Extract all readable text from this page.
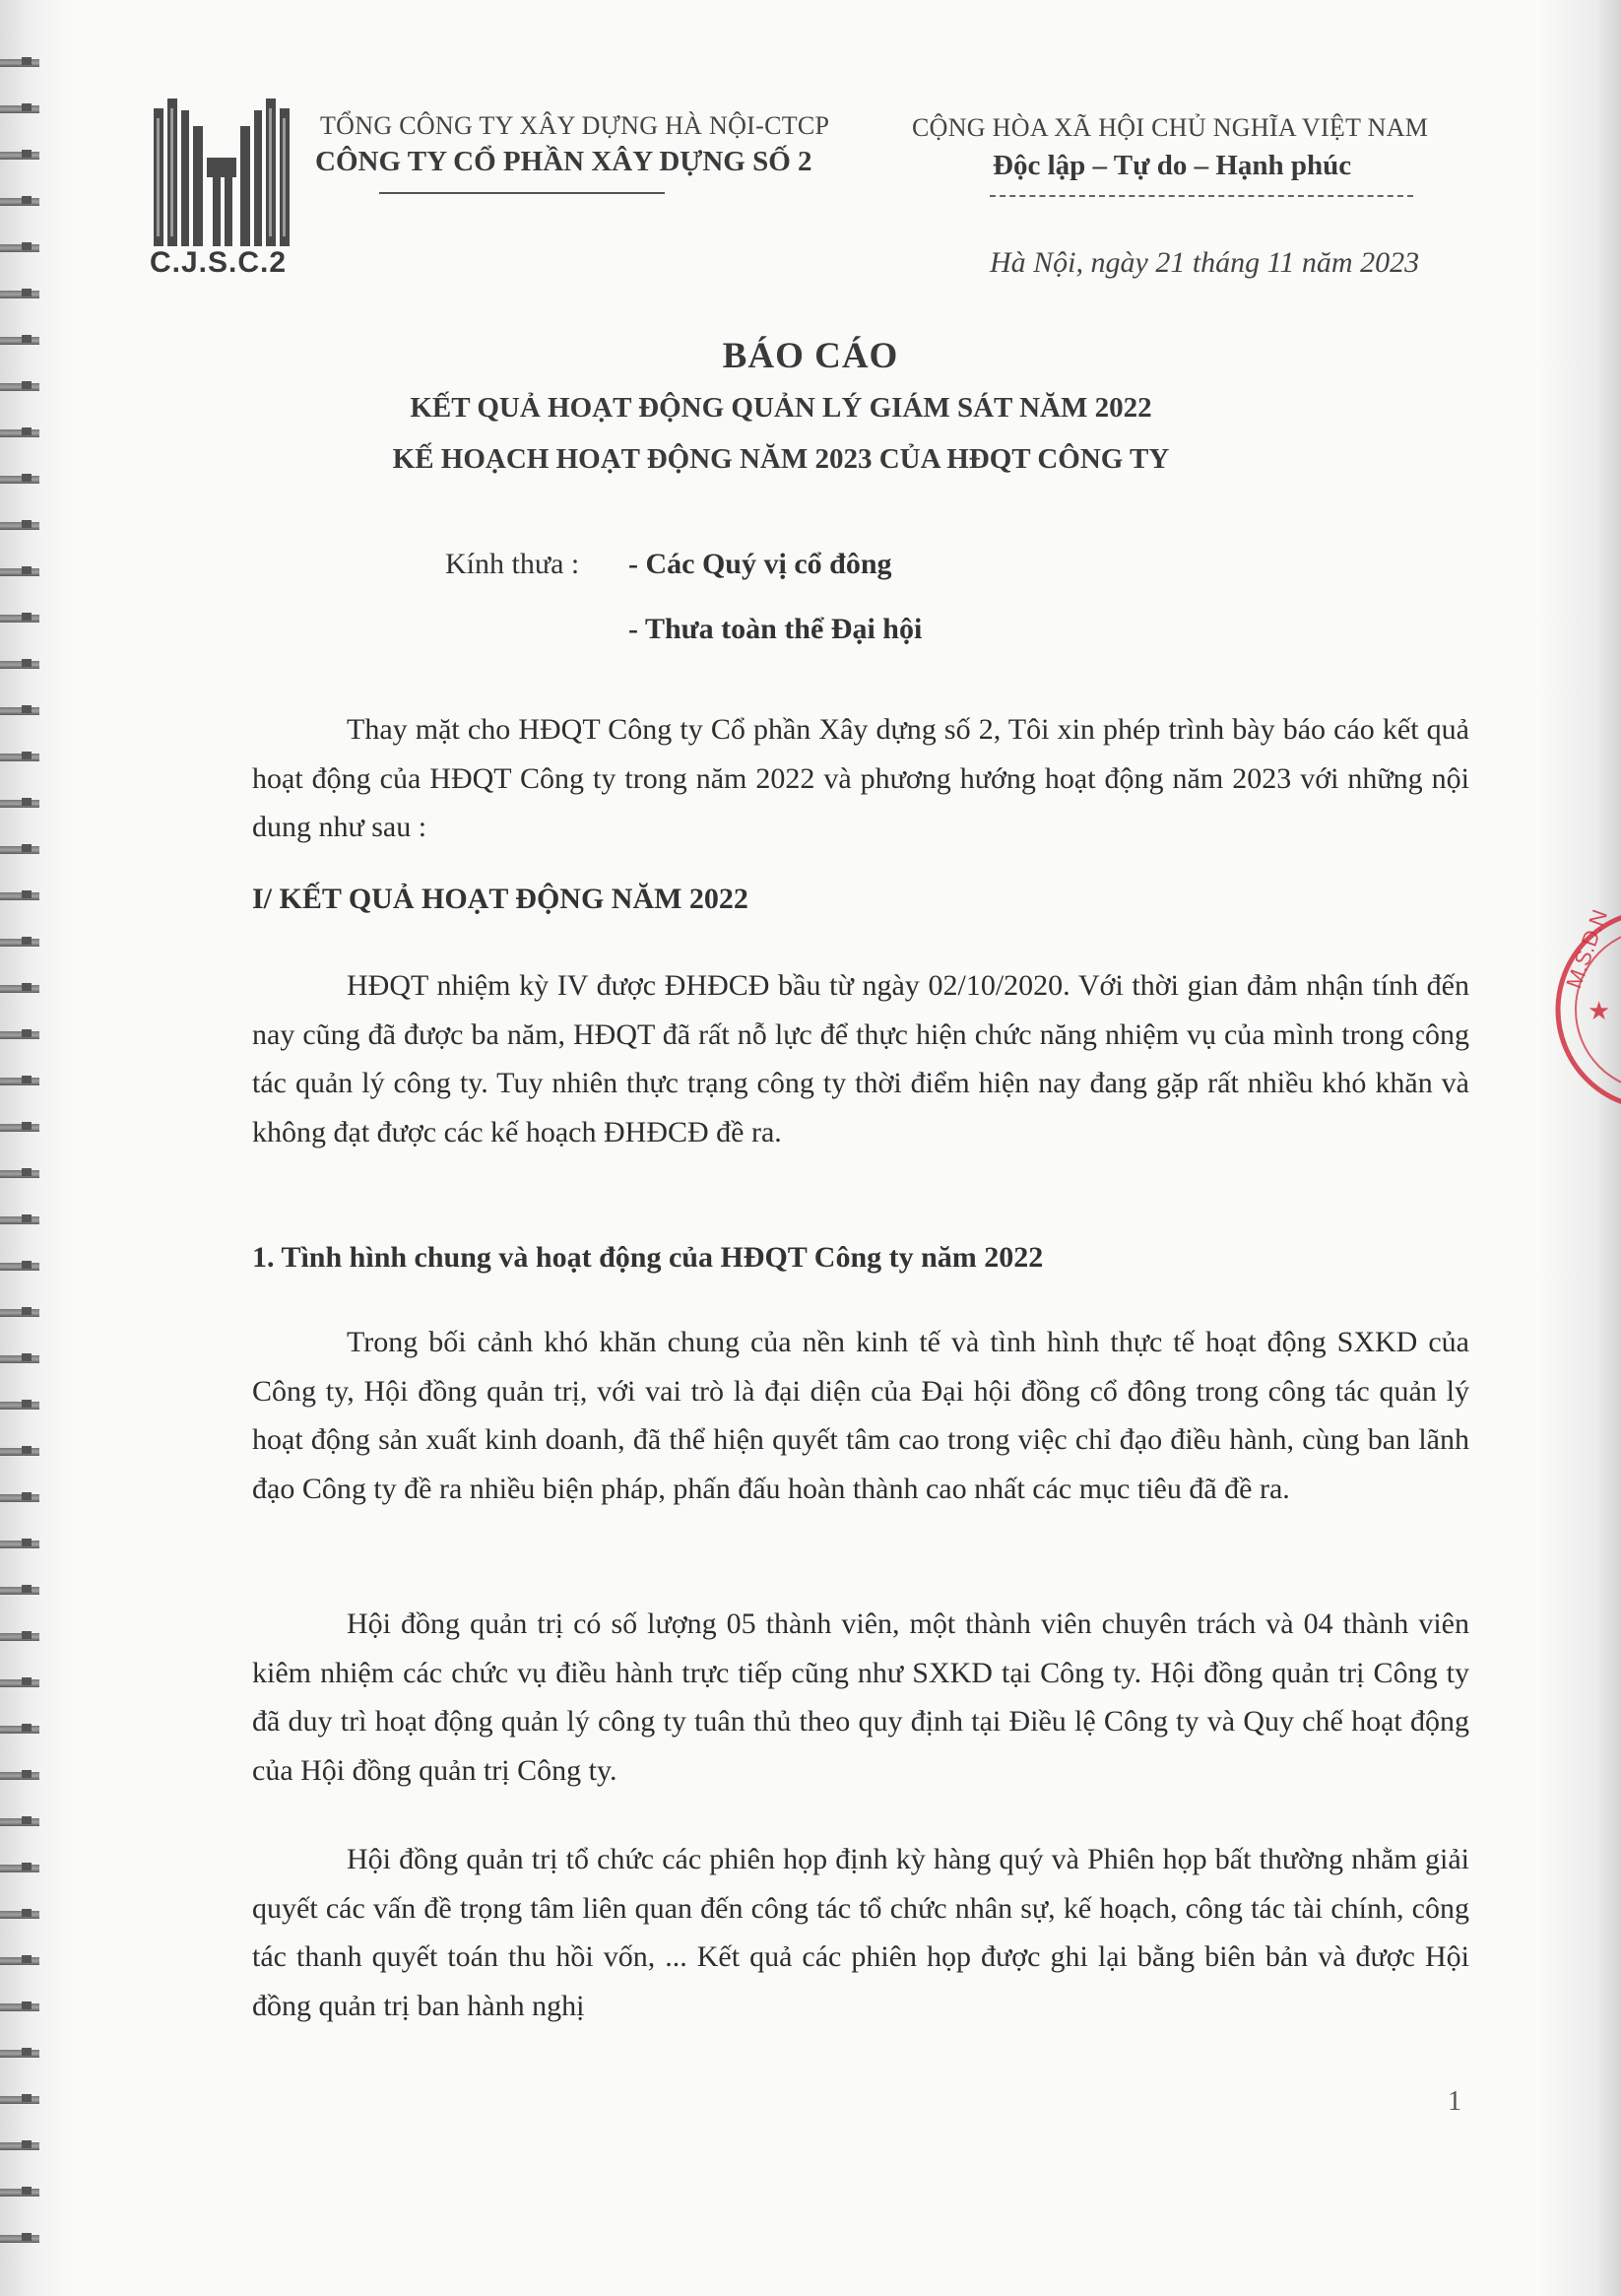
C.J.S.C.2
TỔNG CÔNG TY XÂY DỰNG HÀ NỘI-CTCP
CÔNG TY CỔ PHẦN XÂY DỰNG SỐ 2
CỘNG HÒA XÃ HỘI CHỦ NGHĨA VIỆT NAM
Độc lập – Tự do – Hạnh phúc
Hà Nội, ngày 21 tháng 11 năm 2023
BÁO CÁO
KẾT QUẢ HOẠT ĐỘNG QUẢN LÝ GIÁM SÁT NĂM 2022
KẾ HOẠCH HOẠT ĐỘNG NĂM 2023 CỦA HĐQT CÔNG TY
Kính thưa : - Các Quý vị cổ đông
- Thưa toàn thể Đại hội
Thay mặt cho HĐQT Công ty Cổ phần Xây dựng số 2, Tôi xin phép trình bày báo cáo kết quả hoạt động của HĐQT Công ty trong năm 2022 và phương hướng hoạt động năm 2023 với những nội dung như sau :
I/ KẾT QUẢ HOẠT ĐỘNG NĂM 2022
HĐQT nhiệm kỳ IV được ĐHĐCĐ bầu từ ngày 02/10/2020. Với thời gian đảm nhận tính đến nay cũng đã được ba năm, HĐQT đã rất nỗ lực để thực hiện chức năng nhiệm vụ của mình trong công tác quản lý công ty. Tuy nhiên thực trạng công ty thời điểm hiện nay đang gặp rất nhiều khó khăn và không đạt được các kế hoạch ĐHĐCĐ đề ra.
1. Tình hình chung và hoạt động của HĐQT Công ty năm 2022
Trong bối cảnh khó khăn chung của nền kinh tế và tình hình thực tế hoạt động SXKD của Công ty, Hội đồng quản trị, với vai trò là đại diện của Đại hội đồng cổ đông trong công tác quản lý hoạt động sản xuất kinh doanh, đã thể hiện quyết tâm cao trong việc chỉ đạo điều hành, cùng ban lãnh đạo Công ty đề ra nhiều biện pháp, phấn đấu hoàn thành cao nhất các mục tiêu đã đề ra.
Hội đồng quản trị có số lượng 05 thành viên, một thành viên chuyên trách và 04 thành viên kiêm nhiệm các chức vụ điều hành trực tiếp cũng như SXKD tại Công ty. Hội đồng quản trị Công ty đã duy trì hoạt động quản lý công ty tuân thủ theo quy định tại Điều lệ Công ty và Quy chế hoạt động của Hội đồng quản trị Công ty.
Hội đồng quản trị tổ chức các phiên họp định kỳ hàng quý và Phiên họp bất thường nhằm giải quyết các vấn đề trọng tâm liên quan đến công tác tổ chức nhân sự, kế hoạch, công tác tài chính, công tác thanh quyết toán thu hồi vốn, ... Kết quả các phiên họp được ghi lại bằng biên bản và được Hội đồng quản trị ban hành nghị
1
M.S.D.N
★
